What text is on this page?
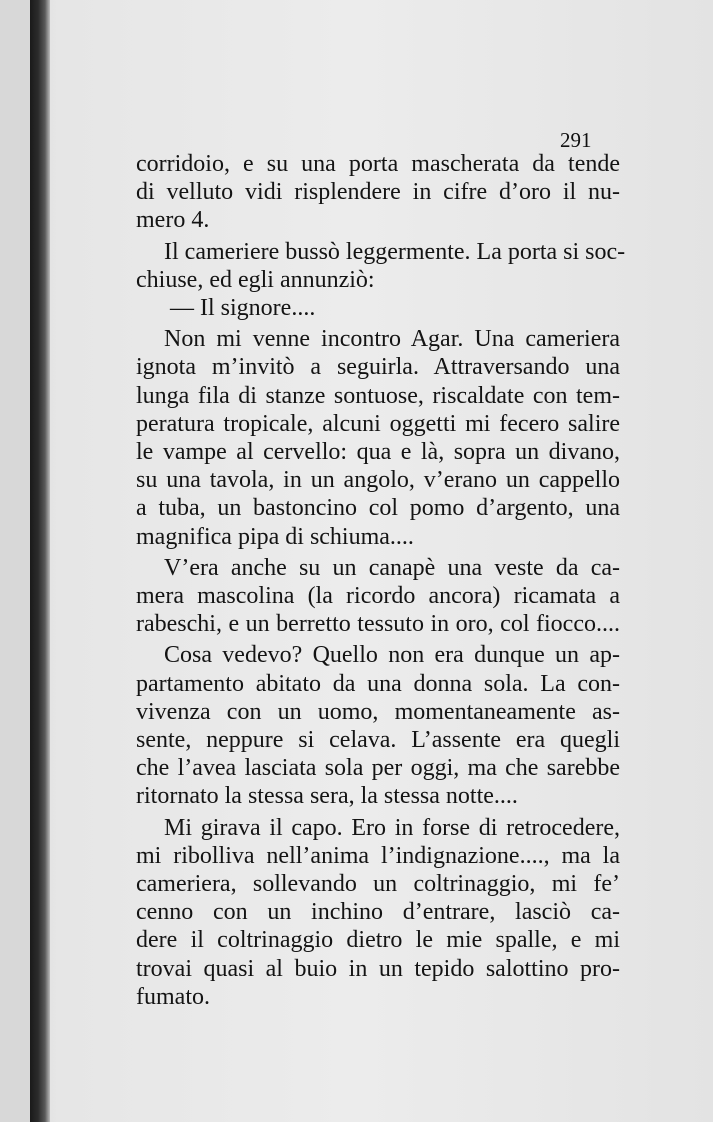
291
corridoio, e su una porta mascherata da tende
di velluto vidi risplendere in cifre d’oro il nu-
mero 4.
Il cameriere bussò leggermente. La porta si soc-
chiuse, ed egli annunziò:
— Il signore....
Non mi venne incontro Agar. Una cameriera
ignota m’invitò a seguirla. Attraversando una
lunga fila di stanze sontuose, riscaldate con tem-
peratura tropicale, alcuni oggetti mi fecero salire
le vampe al cervello: qua e là, sopra un divano,
su una tavola, in un angolo, v’erano un cappello
a tuba, un bastoncino col pomo d’argento, una
magnifica pipa di schiuma....
V’era anche su un canapè una veste da ca-
mera mascolina (la ricordo ancora) ricamata a
rabeschi, e un berretto tessuto in oro, col fiocco....
Cosa vedevo? Quello non era dunque un ap-
partamento abitato da una donna sola. La con-
vivenza con un uomo, momentaneamente as-
sente, neppure si celava. L’assente era quegli
che l’avea lasciata sola per oggi, ma che sarebbe
ritornato la stessa sera, la stessa notte....
Mi girava il capo. Ero in forse di retrocedere,
mi ribolliva nell’anima l’indignazione...., ma la
cameriera, sollevando un coltrinaggio, mi fe’
cenno con un inchino d’entrare, lasciò ca-
dere il coltrinaggio dietro le mie spalle, e mi
trovai quasi al buio in un tepido salottino pro-
fumato.
